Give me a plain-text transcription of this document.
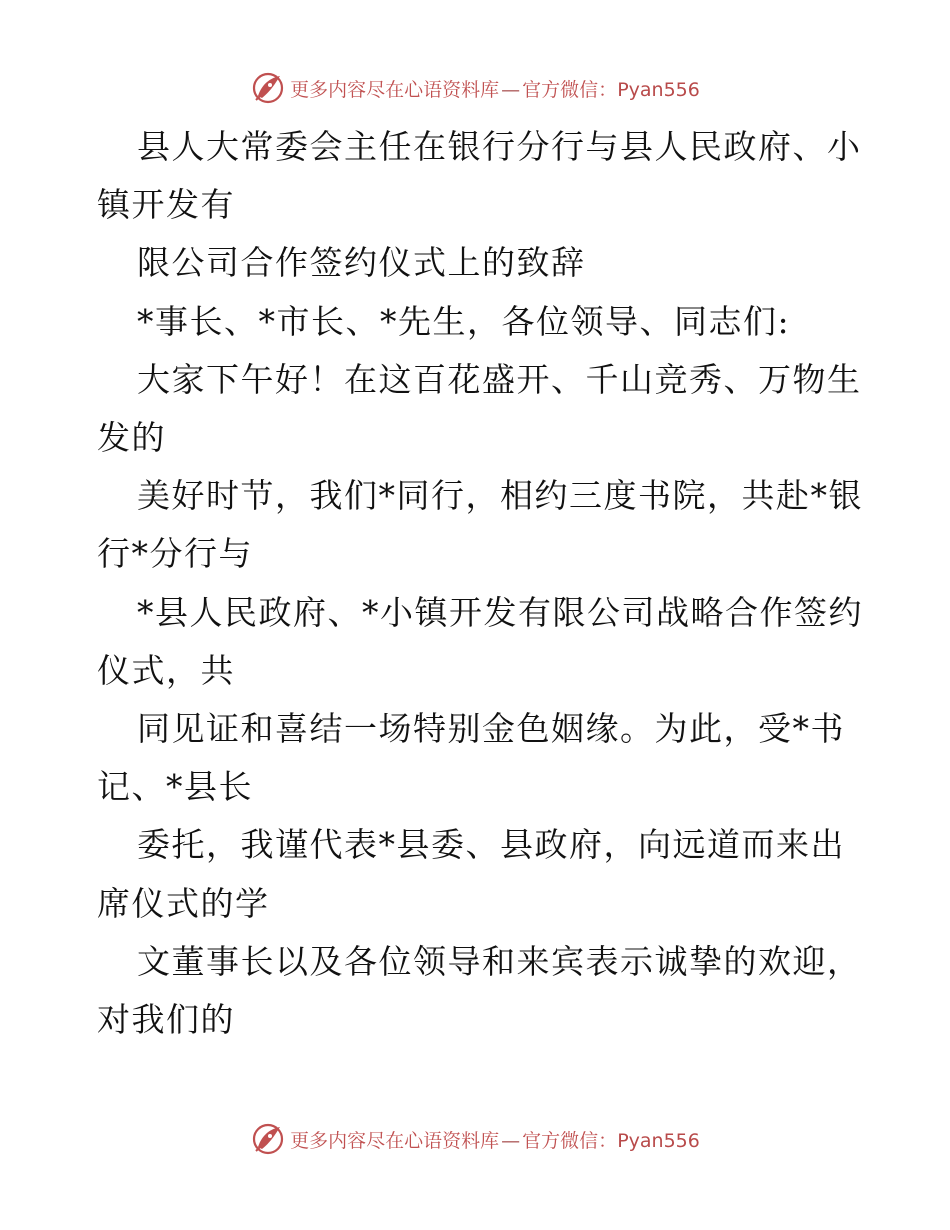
更多内容尽在心语资料库 — 官方微信：Pyan556

县人大常委会主任在银行分行与县人民政府、小

镇开发有

限公司合作签约仪式上的致辞

*事长、*市长、*先生，各位领导、同志们:

大家下午好！在这百花盛开、千山竞秀、万物生

发的

美好时节，我们*同行，相约三度书院，共赴*银

行*分行与

*县人民政府、*小镇开发有限公司战略合作签约

仪式，共

同见证和喜结一场特别金色姻缘。为此，受*书

记、*县长

委托，我谨代表*县委、县政府，向远道而来出

席仪式的学

文董事长以及各位领导和来宾表示诚挚的欢迎，

对我们的

更多内容尽在心语资料库 — 官方微信：Pyan556
